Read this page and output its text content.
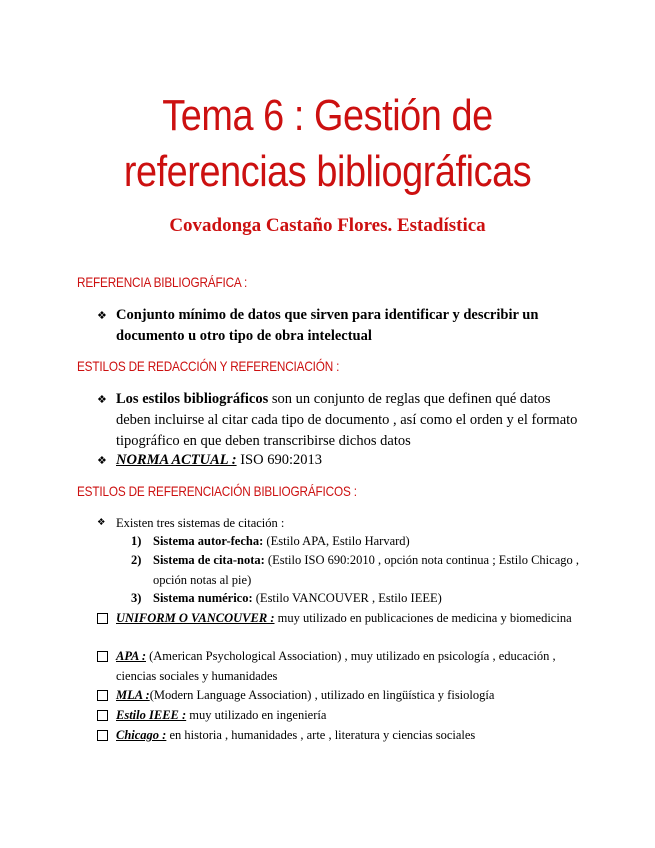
Tema 6 : Gestión de
referencias bibliográficas
Covadonga Castaño Flores. Estadística
REFERENCIA BIBLIOGRÁFICA :
❖ Conjunto mínimo de datos que sirven para identificar y describir un documento u otro tipo de obra intelectual
ESTILOS DE REDACCIÓN Y REFERENCIACIÓN :
❖ Los estilos bibliográficos son un conjunto de reglas que definen qué datos deben incluirse al citar cada tipo de documento , así como el orden y el formato tipográfico en que deben transcribirse dichos datos
❖ NORMA ACTUAL : ISO 690:2013
ESTILOS DE REFERENCIACIÓN BIBLIOGRÁFICOS :
❖ Existen tres sistemas de citación :
1) Sistema autor-fecha: (Estilo APA, Estilo Harvard)
2) Sistema de cita-nota: (Estilo ISO 690:2010 , opción nota continua ; Estilo Chicago , opción notas al pie)
3) Sistema numérico: (Estilo VANCOUVER , Estilo IEEE)
UNIFORM O VANCOUVER : muy utilizado en publicaciones de medicina y biomedicina
APA : (American Psychological Association) , muy utilizado en psicología , educación , ciencias sociales y humanidades
MLA :(Modern Language Association) , utilizado en lingüística y fisiología
Estilo IEEE : muy utilizado en ingeniería
Chicago : en historia , humanidades , arte , literatura y ciencias sociales
